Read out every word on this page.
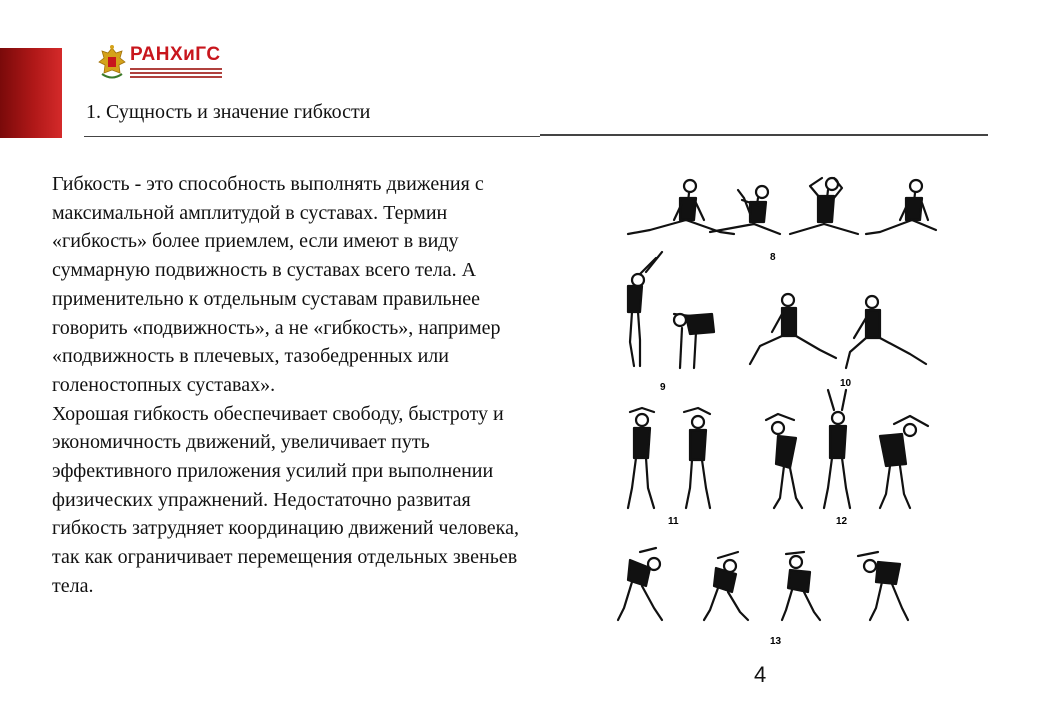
РАНХиГС
1. Сущность и значение гибкости

Гибкость - это способность выполнять движения с максимальной амплитудой в суставах. Термин «гибкость» более приемлем, если имеют в виду суммарную подвижность в суставах всего тела. А применительно к отдельным суставам правильнее говорить «подвижность», а не «гибкость», например «подвижность в плечевых, тазобедренных или голеностопных суставах».

Хорошая гибкость обеспечивает свободу, быстроту и экономичность движений, увеличивает путь эффективного приложения усилий при выполнении физических упражнений. Недостаточно развитая гибкость затрудняет координацию движений человека, так как ограничивает перемещения отдельных звеньев тела.

8
9	10
11	12
13
4
